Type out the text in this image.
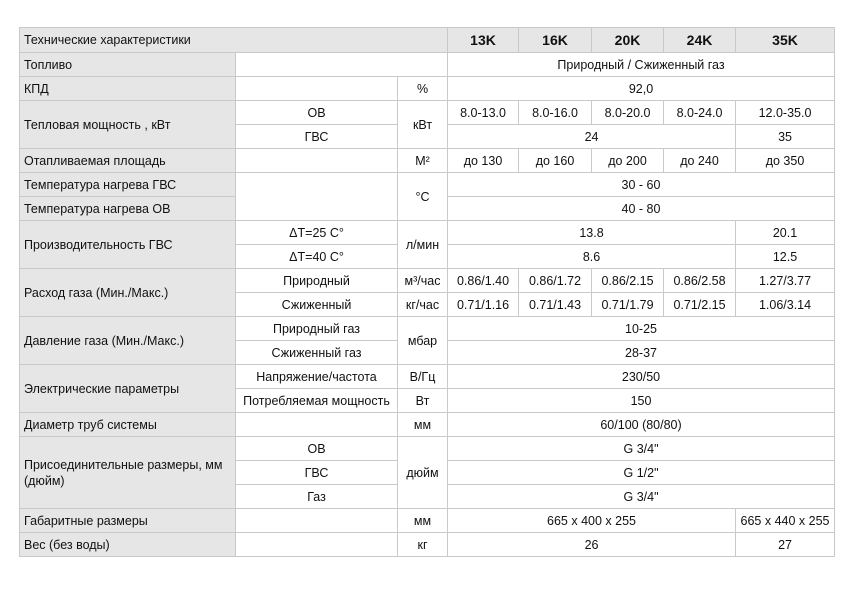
Технические характеристики			13K	16K	20K	24K	35K
Топливо			Природный / Сжиженный газ				
КПД		%	92,0				
Тепловая мощность , кВт	ОВ	кВт	8.0-13.0	8.0-16.0	8.0-20.0	8.0-24.0	12.0-35.0
	ГВС		24				35
Отапливаемая площадь		М²	до 130	до 160	до 200	до 240	до 350
Температура нагрева ГВС		°C	30 - 60				
Температура нагрева ОВ			40 - 80				
Производительность ГВС	ΔT=25 C°	л/мин	13.8				20.1
	ΔT=40 C°		8.6				12.5
Расход газа (Мин./Макс.)	Природный	м³/час	0.86/1.40	0.86/1.72	0.86/2.15	0.86/2.58	1.27/3.77
	Сжиженный	кг/час	0.71/1.16	0.71/1.43	0.71/1.79	0.71/2.15	1.06/3.14
Давление газа (Мин./Макс.)	Природный газ	мбар	10-25				
	Сжиженный газ		28-37				
Электрические параметры	Напряжение/частота	В/Гц	230/50				
	Потребляемая мощность	Вт	150				
Диаметр труб системы		мм	60/100 (80/80)				
Присоединительные размеры, мм (дюйм)	ОВ	дюйм	G 3/4"				
	ГВС		G 1/2"				
	Газ		G 3/4"				
Габаритные размеры		мм	665 x 400 x 255				665 x 440 x 255
Вес (без воды)		кг	26				27
